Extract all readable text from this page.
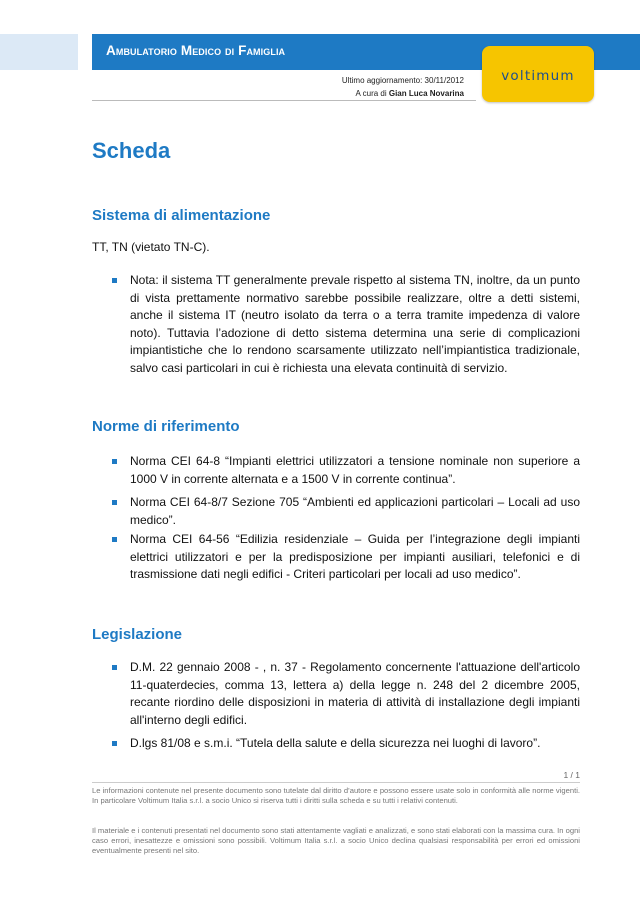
Ambulatorio Medico di Famiglia
voltimum
Ultimo aggiornamento: 30/11/2012
A cura di Gian Luca Novarina
Scheda
Sistema di alimentazione

TT, TN (vietato TN-C).

Nota: il sistema TT generalmente prevale rispetto al sistema TN, inoltre, da un punto di vista prettamente normativo sarebbe possibile realizzare, oltre a detti sistemi, anche il sistema IT (neutro isolato da terra o a terra tramite impedenza di valore noto). Tuttavia l’adozione di detto sistema determina una serie di complicazioni impiantistiche che lo rendono scarsamente utilizzato nell’impiantistica tradizionale, salvo casi particolari in cui è richiesta una elevata continuità di servizio.
Norme di riferimento
Norma CEI 64-8 “Impianti elettrici utilizzatori a tensione nominale non superiore a 1000 V in corrente alternata e a 1500 V in corrente continua”.
Norma CEI 64-8/7 Sezione 705 “Ambienti ed applicazioni particolari – Locali ad uso medico”.
Norma CEI 64-56 “Edilizia residenziale – Guida per l’integrazione degli impianti elettrici utilizzatori e per la predisposizione per impianti ausiliari, telefonici e di trasmissione dati negli edifici - Criteri particolari per locali ad uso medico”.
Legislazione
D.M. 22 gennaio 2008 - , n. 37 - Regolamento concernente l'attuazione dell'articolo 11-quaterdecies, comma 13, lettera a) della legge n. 248 del 2 dicembre 2005, recante riordino delle disposizioni in materia di attività di installazione degli impianti all'interno degli edifici.
D.lgs 81/08 e s.m.i. “Tutela della salute e della sicurezza nei luoghi di lavoro”.

1 / 1

Le informazioni contenute nel presente documento sono tutelate dal diritto d’autore e possono essere usate solo in conformità alle norme vigenti. In particolare Voltimum Italia s.r.l. a socio Unico si riserva tutti i diritti sulla scheda e su tutti i relativi contenuti.

Il materiale e i contenuti presentati nel documento sono stati attentamente vagliati e analizzati, e sono stati elaborati con la massima cura. In ogni caso errori, inesattezze e omissioni sono possibili. Voltimum Italia s.r.l. a socio Unico declina qualsiasi responsabilità per errori ed omissioni eventualmente presenti nel sito.
